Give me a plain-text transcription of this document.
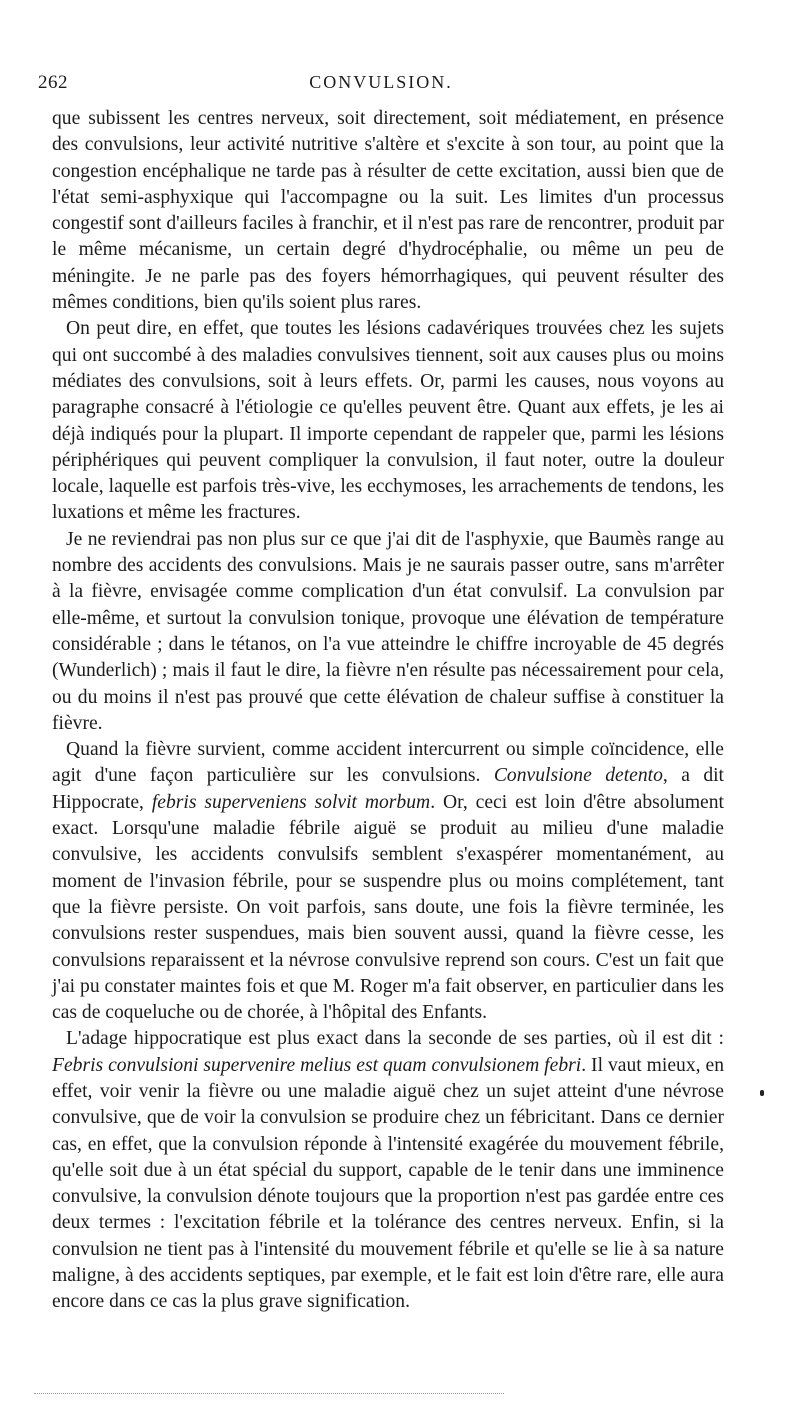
262	CONVULSION.

que subissent les centres nerveux, soit directement, soit médiatement, en présence des convulsions, leur activité nutritive s'altère et s'excite à son tour, au point que la congestion encéphalique ne tarde pas à résulter de cette excitation, aussi bien que de l'état semi-asphyxique qui l'accompagne ou la suit. Les limites d'un processus congestif sont d'ailleurs faciles à franchir, et il n'est pas rare de rencontrer, produit par le même mécanisme, un certain degré d'hydrocéphalie, ou même un peu de méningite. Je ne parle pas des foyers hémorrhagiques, qui peuvent résulter des mêmes conditions, bien qu'ils soient plus rares.

On peut dire, en effet, que toutes les lésions cadavériques trouvées chez les sujets qui ont succombé à des maladies convulsives tiennent, soit aux causes plus ou moins médiates des convulsions, soit à leurs effets. Or, parmi les causes, nous voyons au paragraphe consacré à l'étiologie ce qu'elles peuvent être. Quant aux effets, je les ai déjà indiqués pour la plupart. Il importe cependant de rappeler que, parmi les lésions périphériques qui peuvent compliquer la convulsion, il faut noter, outre la douleur locale, laquelle est parfois très-vive, les ecchymoses, les arrachements de tendons, les luxations et même les fractures.

Je ne reviendrai pas non plus sur ce que j'ai dit de l'asphyxie, que Baumès range au nombre des accidents des convulsions. Mais je ne saurais passer outre, sans m'arrêter à la fièvre, envisagée comme complication d'un état convulsif. La convulsion par elle-même, et surtout la convulsion tonique, provoque une élévation de température considérable ; dans le tétanos, on l'a vue atteindre le chiffre incroyable de 45 degrés (Wunderlich) ; mais il faut le dire, la fièvre n'en résulte pas nécessairement pour cela, ou du moins il n'est pas prouvé que cette élévation de chaleur suffise à constituer la fièvre.

Quand la fièvre survient, comme accident intercurrent ou simple coïncidence, elle agit d'une façon particulière sur les convulsions. Convulsione detento, a dit Hippocrate, febris superveniens solvit morbum. Or, ceci est loin d'être absolument exact. Lorsqu'une maladie fébrile aiguë se produit au milieu d'une maladie convulsive, les accidents convulsifs semblent s'exaspérer momentanément, au moment de l'invasion fébrile, pour se suspendre plus ou moins complétement, tant que la fièvre persiste. On voit parfois, sans doute, une fois la fièvre terminée, les convulsions rester suspendues, mais bien souvent aussi, quand la fièvre cesse, les convulsions reparaissent et la névrose convulsive reprend son cours. C'est un fait que j'ai pu constater maintes fois et que M. Roger m'a fait observer, en particulier dans les cas de coqueluche ou de chorée, à l'hôpital des Enfants.

L'adage hippocratique est plus exact dans la seconde de ses parties, où il est dit : Febris convulsioni supervenire melius est quam convulsionem febri. Il vaut mieux, en effet, voir venir la fièvre ou une maladie aiguë chez un sujet atteint d'une névrose convulsive, que de voir la convulsion se produire chez un fébricitant. Dans ce dernier cas, en effet, que la convulsion réponde à l'intensité exagérée du mouvement fébrile, qu'elle soit due à un état spécial du support, capable de le tenir dans une imminence convulsive, la convulsion dénote toujours que la proportion n'est pas gardée entre ces deux termes : l'excitation fébrile et la tolérance des centres nerveux. Enfin, si la convulsion ne tient pas à l'intensité du mouvement fébrile et qu'elle se lie à sa nature maligne, à des accidents septiques, par exemple, et le fait est loin d'être rare, elle aura encore dans ce cas la plus grave signification.
